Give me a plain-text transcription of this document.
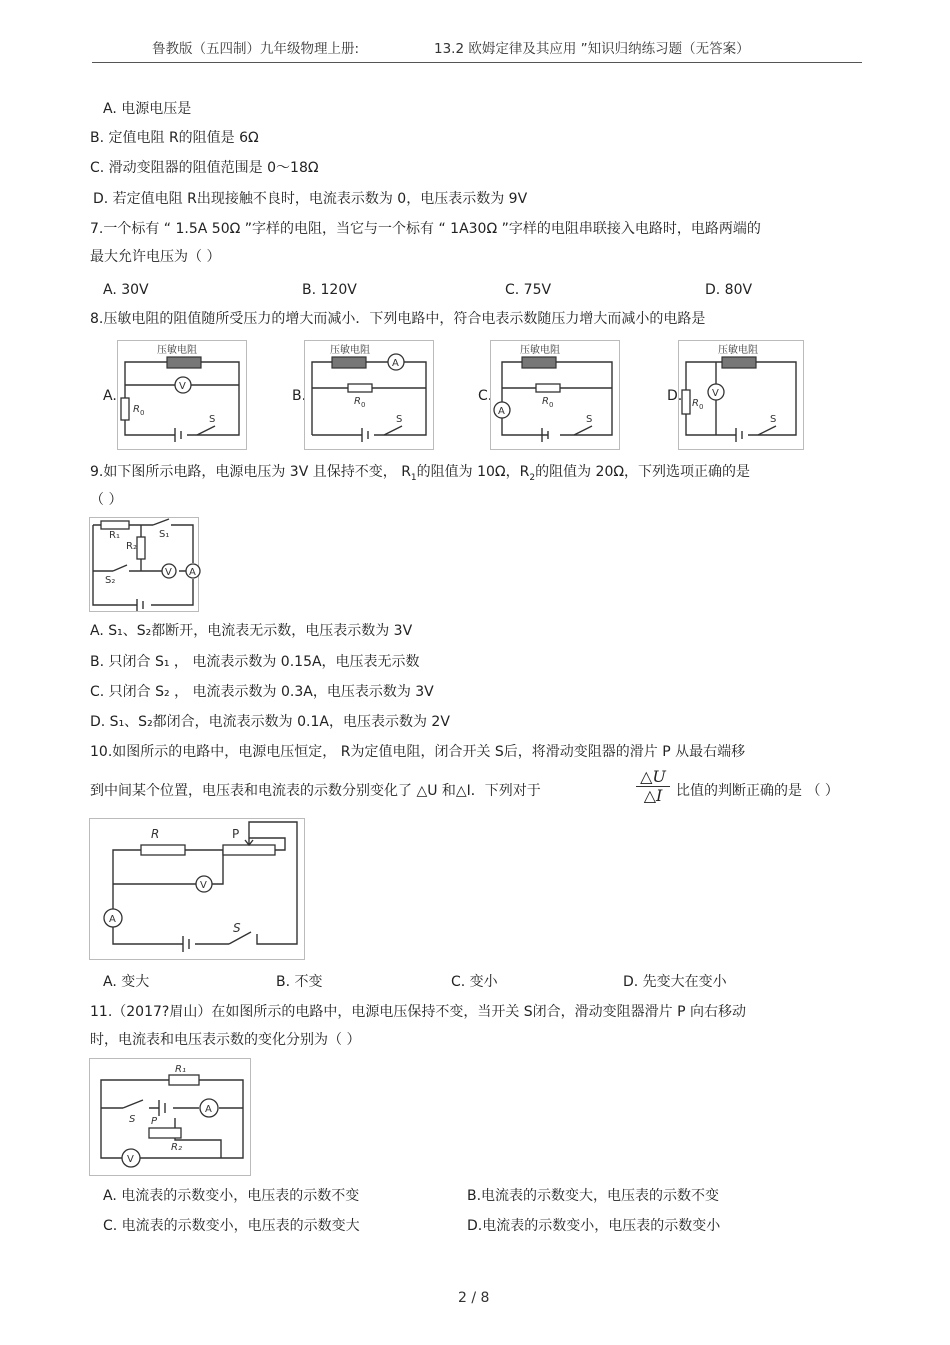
鲁教版（五四制）九年级物理上册:	13.2 欧姆定律及其应用 ”知识归纳练习题（无答案）
A. 电源电压是
B. 定值电阻 R的阻值是 6Ω
C. 滑动变阻器的阻值范围是 0～18Ω
D. 若定值电阻 R出现接触不良时，电流表示数为 0，电压表示数为 9V
7.一个标有 “ 1.5A 50Ω ”字样的电阻，当它与一个标有 “ 1A30Ω ”字样的电阻串联接入电路时，电路两端的
最大允许电压为（ ）
A. 30V	B. 120V	C. 75V	D. 80V
8.压敏电阻的阻值随所受压力的增大而减小．下列电路中，符合电表示数随压力增大而减小的电路是
A.
压敏电阻
V
R 0
S
B.
压敏电阻
A
R 0
S
C.
压敏电阻
A
R 0
S
D.
压敏电阻
V
R 0
S
9.如下图所示电路，电源电压为 3V 且保持不变， $R_1$的阻值为 10Ω，$R_2$的阻值为 20Ω，下列选项正确的是
（ ）
R₁
R₂
S₁
S₂
V A
A. S₁、S₂都断开，电流表无示数，电压表示数为 3V
B. 只闭合 S₁ ， 电流表示数为 0.15A，电压表无示数
C. 只闭合 S₂ ， 电流表示数为 0.3A，电压表示数为 3V
D. S₁、S₂都闭合，电流表示数为 0.1A，电压表示数为 2V
10.如图所示的电路中，电源电压恒定， R为定值电阻，闭合开关 S后，将滑动变阻器的滑片 P 从最右端移
到中间某个位置，电压表和电流表的示数分别变化了 △U 和△I．下列对于	$\frac{\triangle U}{\triangle I}$ 比值的判断正确的是 （ ）
R	P
V
A
S
A. 变大	B. 不变	C. 变小	D. 先变大在变小
11.（2017?眉山）在如图所示的电路中，电源电压保持不变，当开关 S闭合，滑动变阻器滑片 P 向右移动
时，电流表和电压表示数的变化分别为（ ）
R₁
S
A
P
R₂
V
A. 电流表的示数变小，电压表的示数不变	B.电流表的示数变大，电压表的示数不变
C. 电流表的示数变小，电压表的示数变大	D.电流表的示数变小，电压表的示数变小
2 / 8
